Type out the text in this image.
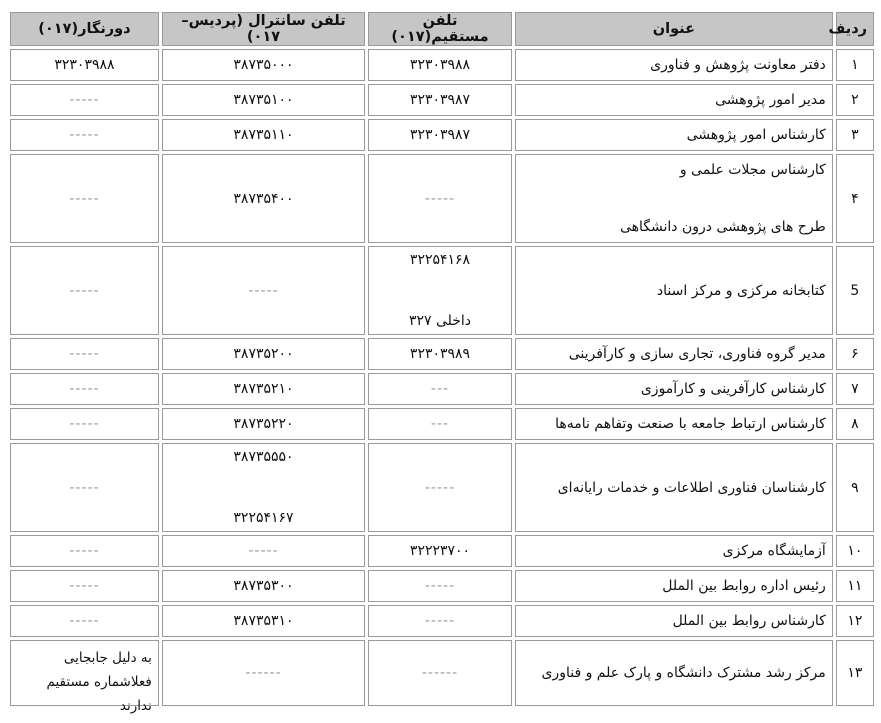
ردیف	عنوان	تلفن مستقیم(۰۱۷)	تلفن سانترال (پردیس–۰۱۷)	دورنگار(۰۱۷)
۱	دفتر معاونت پژوهش و فناوری	۳۲۳۰۳۹۸۸	۳۸۷۳۵۰۰۰	۳۲۳۰۳۹۸۸

۲	مدیر امور پژوهشی	۳۲۳۰۳۹۸۷	۳۸۷۳۵۱۰۰	-----

۳	کارشناس امور پژوهشی	۳۲۳۰۳۹۸۷	۳۸۷۳۵۱۱۰	-----

۴	کارشناس مجلات علمی و
طرح های پژوهشی درون دانشگاهی	-----	۳۸۷۳۵۴۰۰	-----

5	کتابخانه مرکزی و مرکز اسناد	۳۲۲۵۴۱۶۸
داخلی ۳۲۷	-----	-----

۶	مدیر گروه فناوری، تجاری سازی و کارآفرینی	۳۲۳۰۳۹۸۹	۳۸۷۳۵۲۰۰	-----

۷	کارشناس کارآفرینی و کارآموزی	---	۳۸۷۳۵۲۱۰	-----

۸	کارشناس ارتباط جامعه با صنعت وتفاهم نامه‌ها	---	۳۸۷۳۵۲۲۰	-----

۹	کارشناسان فناوری اطلاعات و خدمات رایانه‌ای	-----	۳۸۷۳۵۵۵۰
۳۲۲۵۴۱۶۷	-----

۱۰	آزمایشگاه مرکزی	۳۲۲۲۳۷۰۰	-----	-----

۱۱	رئیس اداره روابط بین الملل	-----	۳۸۷۳۵۳۰۰	-----

۱۲	کارشناس روابط بین الملل	-----	۳۸۷۳۵۳۱۰	-----

۱۳	مرکز رشد مشترک دانشگاه و پارک علم و فناوری	------	------	به دلیل جابجایی فعلاشماره مستقیم ندارند
